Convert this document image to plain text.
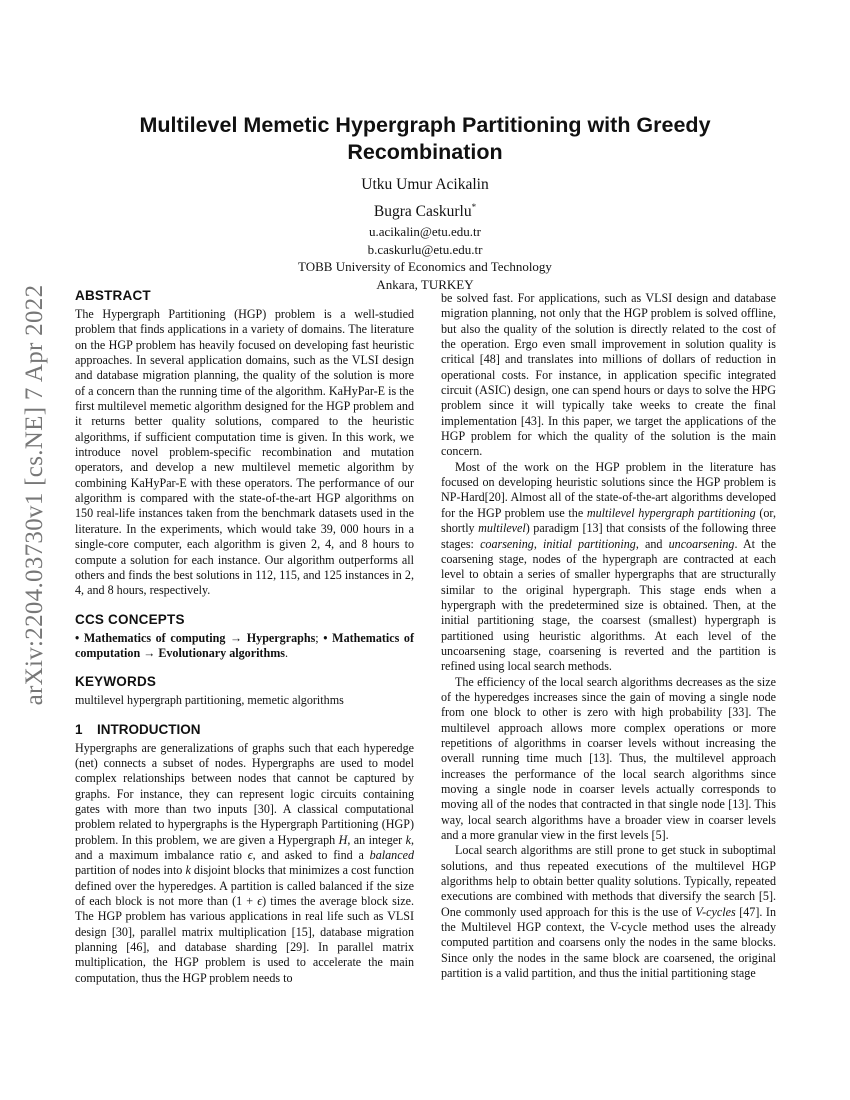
arXiv:2204.03730v1 [cs.NE] 7 Apr 2022
Multilevel Memetic Hypergraph Partitioning with Greedy Recombination
Utku Umur Acikalin
Bugra Caskurlu*
u.acikalin@etu.edu.tr
b.caskurlu@etu.edu.tr
TOBB University of Economics and Technology
Ankara, TURKEY
ABSTRACT

The Hypergraph Partitioning (HGP) problem is a well-studied problem that finds applications in a variety of domains. The literature on the HGP problem has heavily focused on developing fast heuristic approaches. In several application domains, such as the VLSI design and database migration planning, the quality of the solution is more of a concern than the running time of the algorithm. KaHyPar-E is the first multilevel memetic algorithm designed for the HGP problem and it returns better quality solutions, compared to the heuristic algorithms, if sufficient computation time is given. In this work, we introduce novel problem-specific recombination and mutation operators, and develop a new multilevel memetic algorithm by combining KaHyPar-E with these operators. The performance of our algorithm is compared with the state-of-the-art HGP algorithms on 150 real-life instances taken from the benchmark datasets used in the literature. In the experiments, which would take 39, 000 hours in a single-core computer, each algorithm is given 2, 4, and 8 hours to compute a solution for each instance. Our algorithm outperforms all others and finds the best solutions in 112, 115, and 125 instances in 2, 4, and 8 hours, respectively.

CCS CONCEPTS

• Mathematics of computing → Hypergraphs; • Mathematics of computation → Evolutionary algorithms.

KEYWORDS

multilevel hypergraph partitioning, memetic algorithms

1 INTRODUCTION

Hypergraphs are generalizations of graphs such that each hyperedge (net) connects a subset of nodes. Hypergraphs are used to model complex relationships between nodes that cannot be captured by graphs. For instance, they can represent logic circuits containing gates with more than two inputs [30]. A classical computational problem related to hypergraphs is the Hypergraph Partitioning (HGP) problem. In this problem, we are given a Hypergraph H, an integer k, and a maximum imbalance ratio ϵ, and asked to find a balanced partition of nodes into k disjoint blocks that minimizes a cost function defined over the hyperedges. A partition is called balanced if the size of each block is not more than (1 + ϵ) times the average block size. The HGP problem has various applications in real life such as VLSI design [30], parallel matrix multiplication [15], database migration planning [46], and database sharding [29]. In parallel matrix multiplication, the HGP problem is used to accelerate the main computation, thus the HGP problem needs to

be solved fast. For applications, such as VLSI design and database migration planning, not only that the HGP problem is solved offline, but also the quality of the solution is directly related to the cost of the operation. Ergo even small improvement in solution quality is critical [48] and translates into millions of dollars of reduction in operational costs. For instance, in application specific integrated circuit (ASIC) design, one can spend hours or days to solve the HPG problem since it will typically take weeks to create the final implementation [43]. In this paper, we target the applications of the HGP problem for which the quality of the solution is the main concern.

Most of the work on the HGP problem in the literature has focused on developing heuristic solutions since the HGP problem is NP-Hard[20]. Almost all of the state-of-the-art algorithms developed for the HGP problem use the multilevel hypergraph partitioning (or, shortly multilevel) paradigm [13] that consists of the following three stages: coarsening, initial partitioning, and uncoarsening. At the coarsening stage, nodes of the hypergraph are contracted at each level to obtain a series of smaller hypergraphs that are structurally similar to the original hypergraph. This stage ends when a hypergraph with the predetermined size is obtained. Then, at the initial partitioning stage, the coarsest (smallest) hypergraph is partitioned using heuristic algorithms. At each level of the uncoarsening stage, coarsening is reverted and the partition is refined using local search methods.

The efficiency of the local search algorithms decreases as the size of the hyperedges increases since the gain of moving a single node from one block to other is zero with high probability [33]. The multilevel approach allows more complex operations or more repetitions of algorithms in coarser levels without increasing the overall running time much [13]. Thus, the multilevel approach increases the performance of the local search algorithms since moving a single node in coarser levels actually corresponds to moving all of the nodes that contracted in that single node [13]. This way, local search algorithms have a broader view in coarser levels and a more granular view in the first levels [5].

Local search algorithms are still prone to get stuck in suboptimal solutions, and thus repeated executions of the multilevel HGP algorithms help to obtain better quality solutions. Typically, repeated executions are combined with methods that diversify the search [5]. One commonly used approach for this is the use of V-cycles [47]. In the Multilevel HGP context, the V-cycle method uses the already computed partition and coarsens only the nodes in the same blocks. Since only the nodes in the same block are coarsened, the original partition is a valid partition, and thus the initial partitioning stage
